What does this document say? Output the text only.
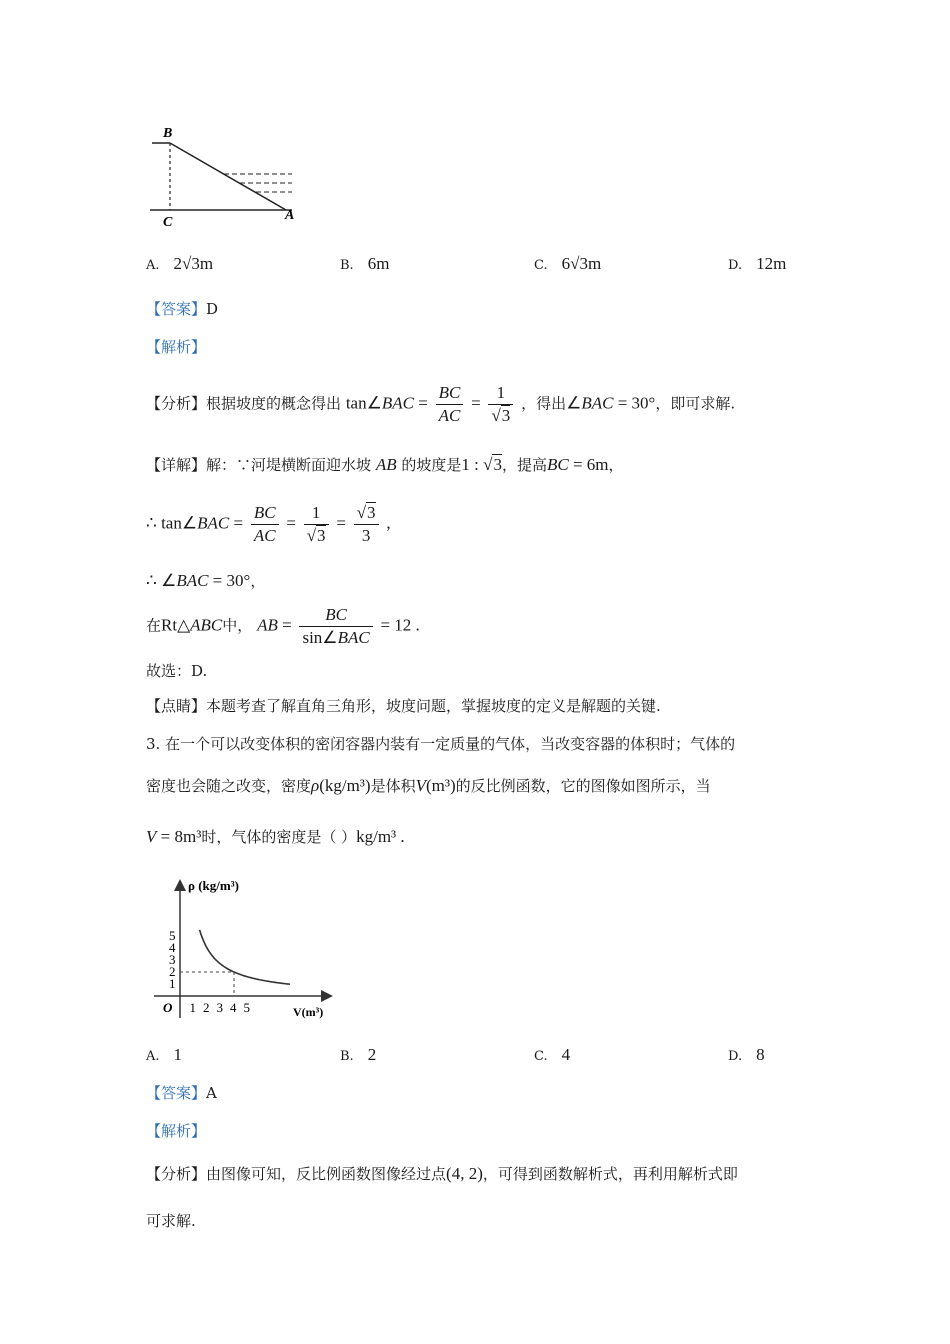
B
C	A
A. 2√3m	B. 6m	C. 6√3m	D. 12m
【答案】D
【解析】
【分析】根据坡度的概念得出 tan∠BAC = $\frac{BC}{AC} = \frac{1}{√3}$ ，得出∠BAC = 30°，即可求解.
【详解】解：∵河堤横断面迎水坡 AB 的坡度是1 : √3，提高BC = 6m，
∴ tan∠BAC = $\frac{BC}{AC} = \frac{1}{√3} = \frac{√3}{3}$ ,
∴ ∠BAC = 30°，
在Rt△ABC中， AB = $\frac{BC}{\text{sin∠BAC}} = 12$ .
故选：D.
【点睛】本题考查了解直角三角形，坡度问题，掌握坡度的定义是解题的关键.
3. 在一个可以改变体积的密闭容器内装有一定质量的气体，当改变容器的体积时；气体的
密度也会随之改变，密度ρ(kg/m³)是体积V(m³)的反比例函数，它的图像如图所示，当
V = 8m³时，气体的密度是（ ）kg/m³ .
ρ (kg/m³)
V(m³)
O 1 2 3 4 5
1
2
3
4
5
A. 1	B. 2	C. 4	D. 8
【答案】A
【解析】
【分析】由图像可知，反比例函数图像经过点(4, 2)，可得到函数解析式，再利用解析式即
可求解.
